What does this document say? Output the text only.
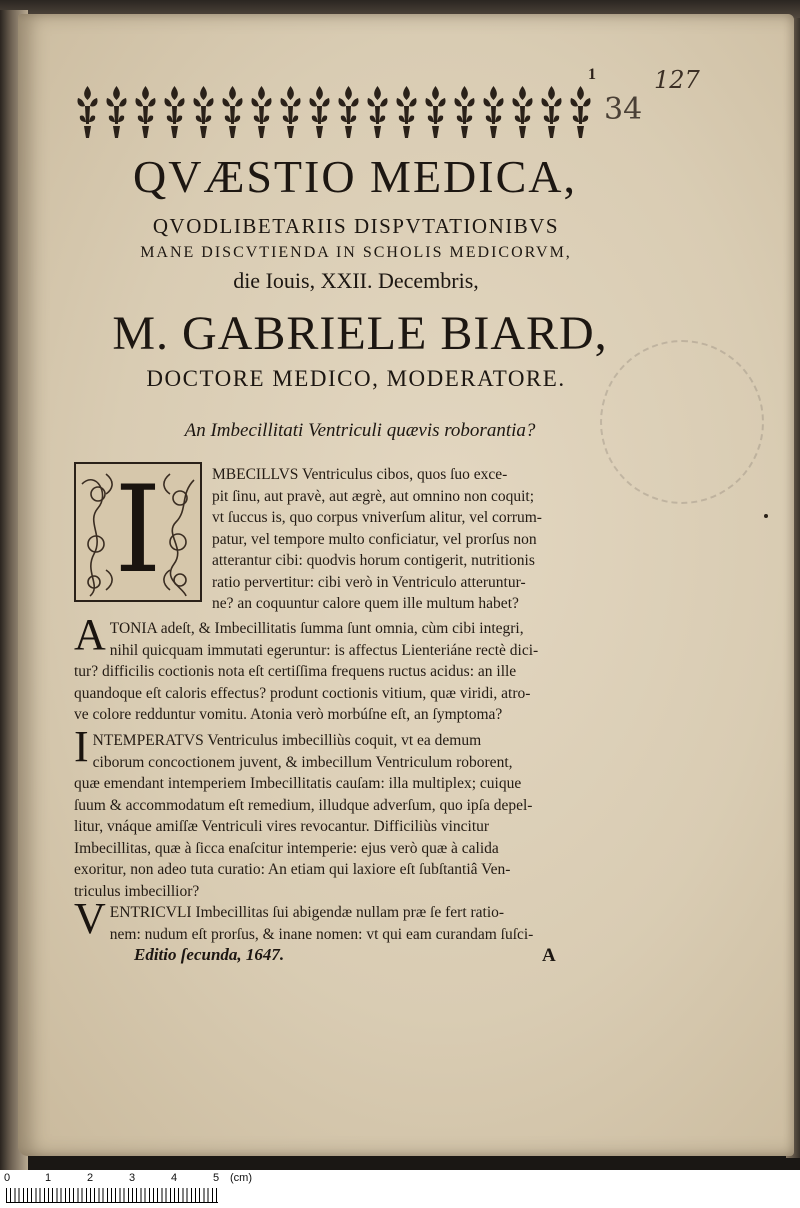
1 127
34
QVÆSTIO MEDICA,
QVODLIBETARIIS DISPVTATIONIBVS
MANE DISCVTIENDA IN SCHOLIS MEDICORVM,
die Iouis, XXII. Decembris,
M. GABRIELE BIARD,
DOCTORE MEDICO, MODERATORE.
An Imbecillitati Ventriculi quævis roborantia?
I	MBECILLVS Ventriculus cibos, quos ſuo exce-
pit ſinu, aut pravè, aut ægrè, aut omnino non coquit;
vt ſuccus is, quo corpus vniverſum alitur, vel corrum-
patur, vel tempore multo conficiatur, vel prorſus non
atterantur cibi: quodvis horum contigerit, nutritionis
ratio pervertitur: cibi verò in Ventriculo atteruntur-
ne? an coquuntur calore quem ille multum habet?
A TONIA adeſt, & Imbecillitatis ſumma ſunt omnia, cùm cibi integri,
nihil quicquam immutati egeruntur: is affectus Lienteriáne rectè dici-
tur? difficilis coctionis nota eſt certiſſima frequens ructus acidus: an ille
quandoque eſt caloris effectus? produnt coctionis vitium, quæ viridi, atro-
ve colore redduntur vomitu. Atonia verò morbúſne eſt, an ſymptoma?
I NTEMPERATVS Ventriculus imbecilliùs coquit, vt ea demum
ciborum concoctionem juvent, & imbecillum Ventriculum roborent,
quæ emendant intemperiem Imbecillitatis cauſam: illa multiplex; cuique
ſuum & accommodatum eſt remedium, illudque adverſum, quo ipſa depel-
litur, vnáque amiſſæ Ventriculi vires revocantur. Difficiliùs vincitur
Imbecillitas, quæ à ſicca enaſcitur intemperie: ejus verò quæ à calida
exoritur, non adeo tuta curatio: An etiam qui laxiore eſt ſubſtantiâ Ven-
triculus imbecillior?
V ENTRICVLI Imbecillitas ſui abigendæ nullam præ ſe fert ratio-
nem: nudum eſt prorſus, & inane nomen: vt qui eam curandam ſuſci-
Editio ſecunda, 1647.	A
0	1	2	3	4	5 (cm)
